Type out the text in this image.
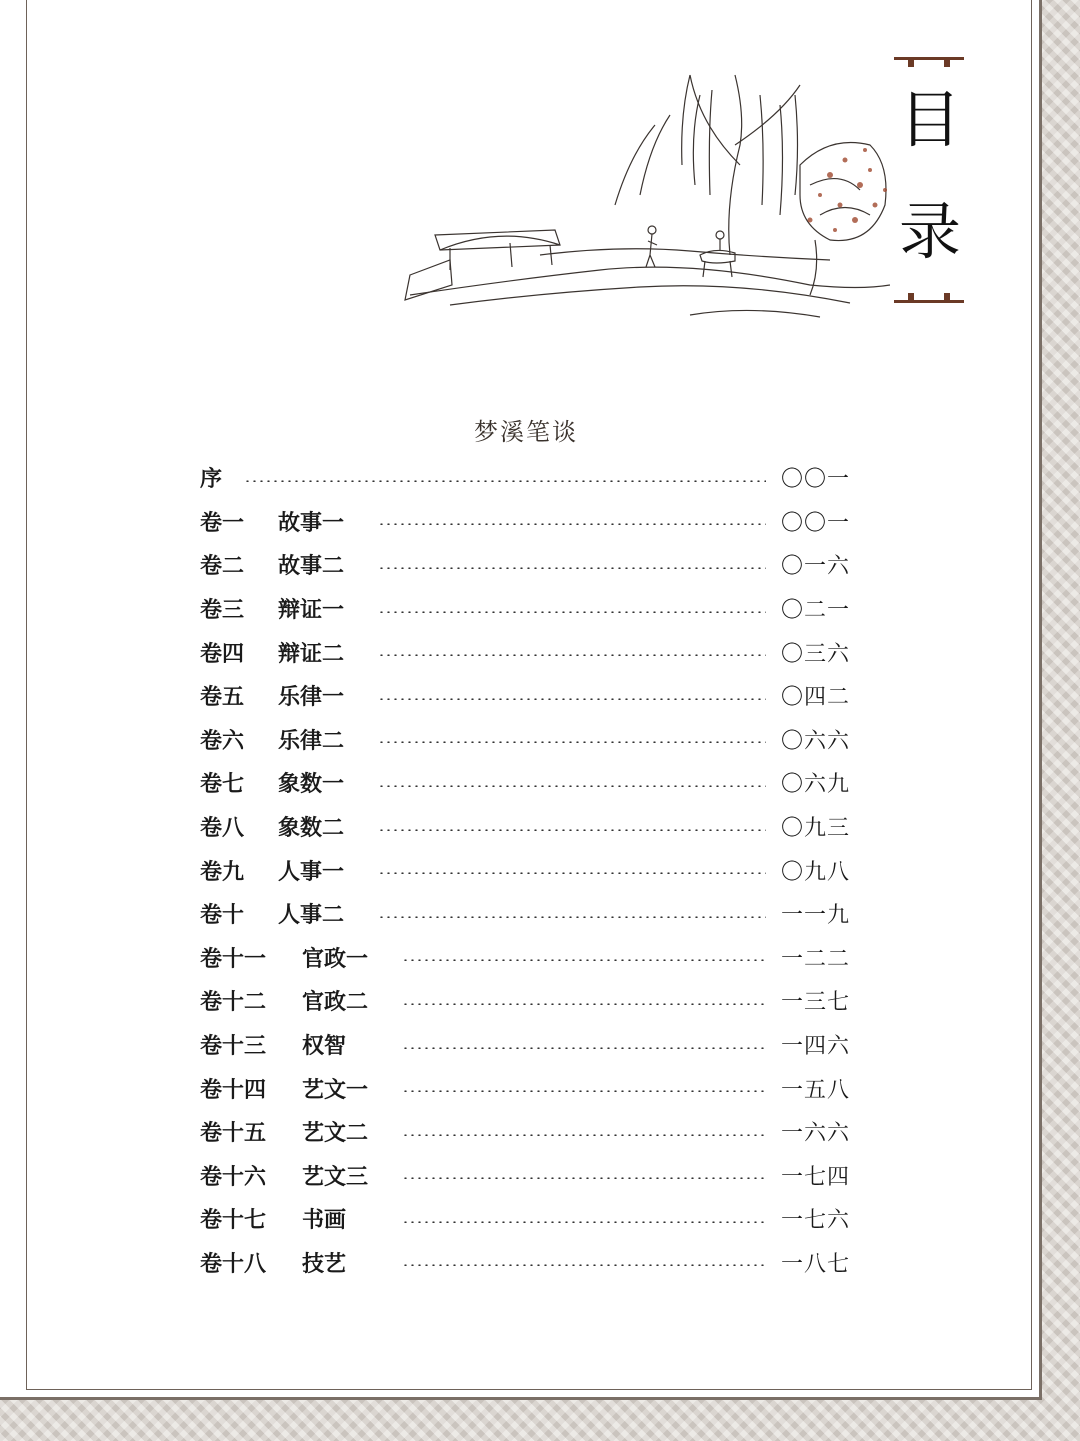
目
录
梦溪笔谈
序	〇〇一
卷一	故事一	〇〇一
卷二	故事二	〇一六
卷三	辩证一	〇二一
卷四	辩证二	〇三六
卷五	乐律一	〇四二
卷六	乐律二	〇六六
卷七	象数一	〇六九
卷八	象数二	〇九三
卷九	人事一	〇九八
卷十	人事二	一一九
卷十一	官政一	一二二
卷十二	官政二	一三七
卷十三	权智	一四六
卷十四	艺文一	一五八
卷十五	艺文二	一六六
卷十六	艺文三	一七四
卷十七	书画	一七六
卷十八	技艺	一八七
